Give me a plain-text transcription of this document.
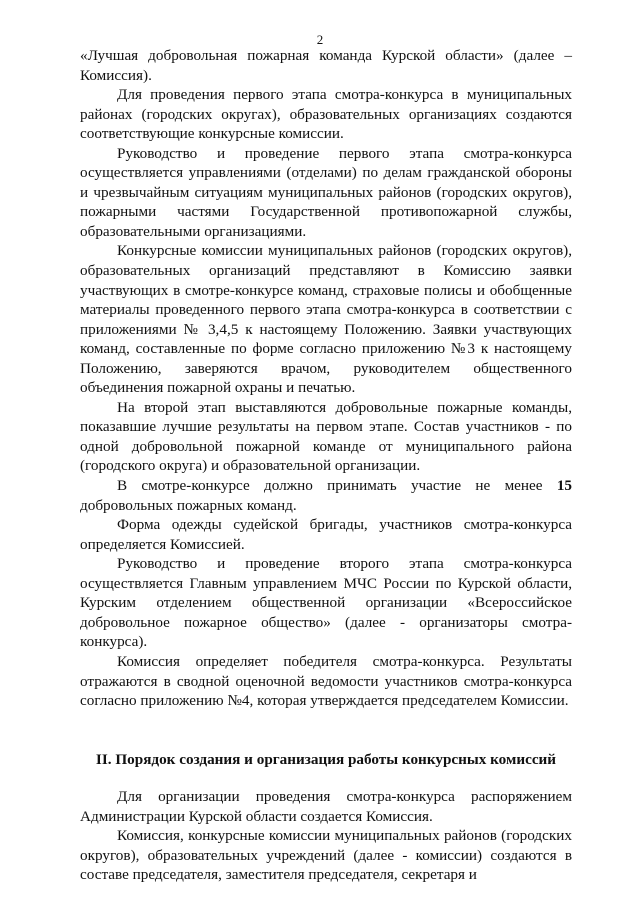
2

«Лучшая добровольная пожарная команда Курской области» (далее – Комиссия).

Для проведения первого этапа смотра-конкурса в муниципальных районах (городских округах), образовательных организациях создаются соответствующие конкурсные комиссии.

Руководство и проведение первого этапа смотра-конкурса осуществляется управлениями (отделами) по делам гражданской обороны и чрезвычайным ситуациям муниципальных районов (городских округов), пожарными частями Государственной противопожарной службы, образовательными организациями.

Конкурсные комиссии муниципальных районов (городских округов), образовательных организаций представляют в Комиссию заявки участвующих в смотре-конкурсе команд, страховые полисы и обобщенные материалы проведенного первого этапа смотра-конкурса в соответствии с приложениями № 3,4,5 к настоящему Положению. Заявки участвующих команд, составленные по форме согласно приложению №3 к настоящему Положению, заверяются врачом, руководителем общественного объединения пожарной охраны и печатью.

На второй этап выставляются добровольные пожарные команды, показавшие лучшие результаты на первом этапе. Состав участников - по одной добровольной пожарной команде от муниципального района (городского округа) и образовательной организации.

В смотре-конкурсе должно принимать участие не менее 15 добровольных пожарных команд.

Форма одежды судейской бригады, участников смотра-конкурса определяется Комиссией.

Руководство и проведение второго этапа смотра-конкурса осуществляется Главным управлением МЧС России по Курской области, Курским отделением общественной организации «Всероссийское добровольное пожарное общество» (далее - организаторы смотра-конкурса).

Комиссия определяет победителя смотра-конкурса. Результаты отражаются в сводной оценочной ведомости участников смотра-конкурса согласно приложению №4, которая утверждается председателем Комиссии.

II. Порядок создания и организация работы конкурсных комиссий

Для организации проведения смотра-конкурса распоряжением Администрации Курской области создается Комиссия.

Комиссия, конкурсные комиссии муниципальных районов (городских округов), образовательных учреждений (далее - комиссии) создаются в составе председателя, заместителя председателя, секретаря и
